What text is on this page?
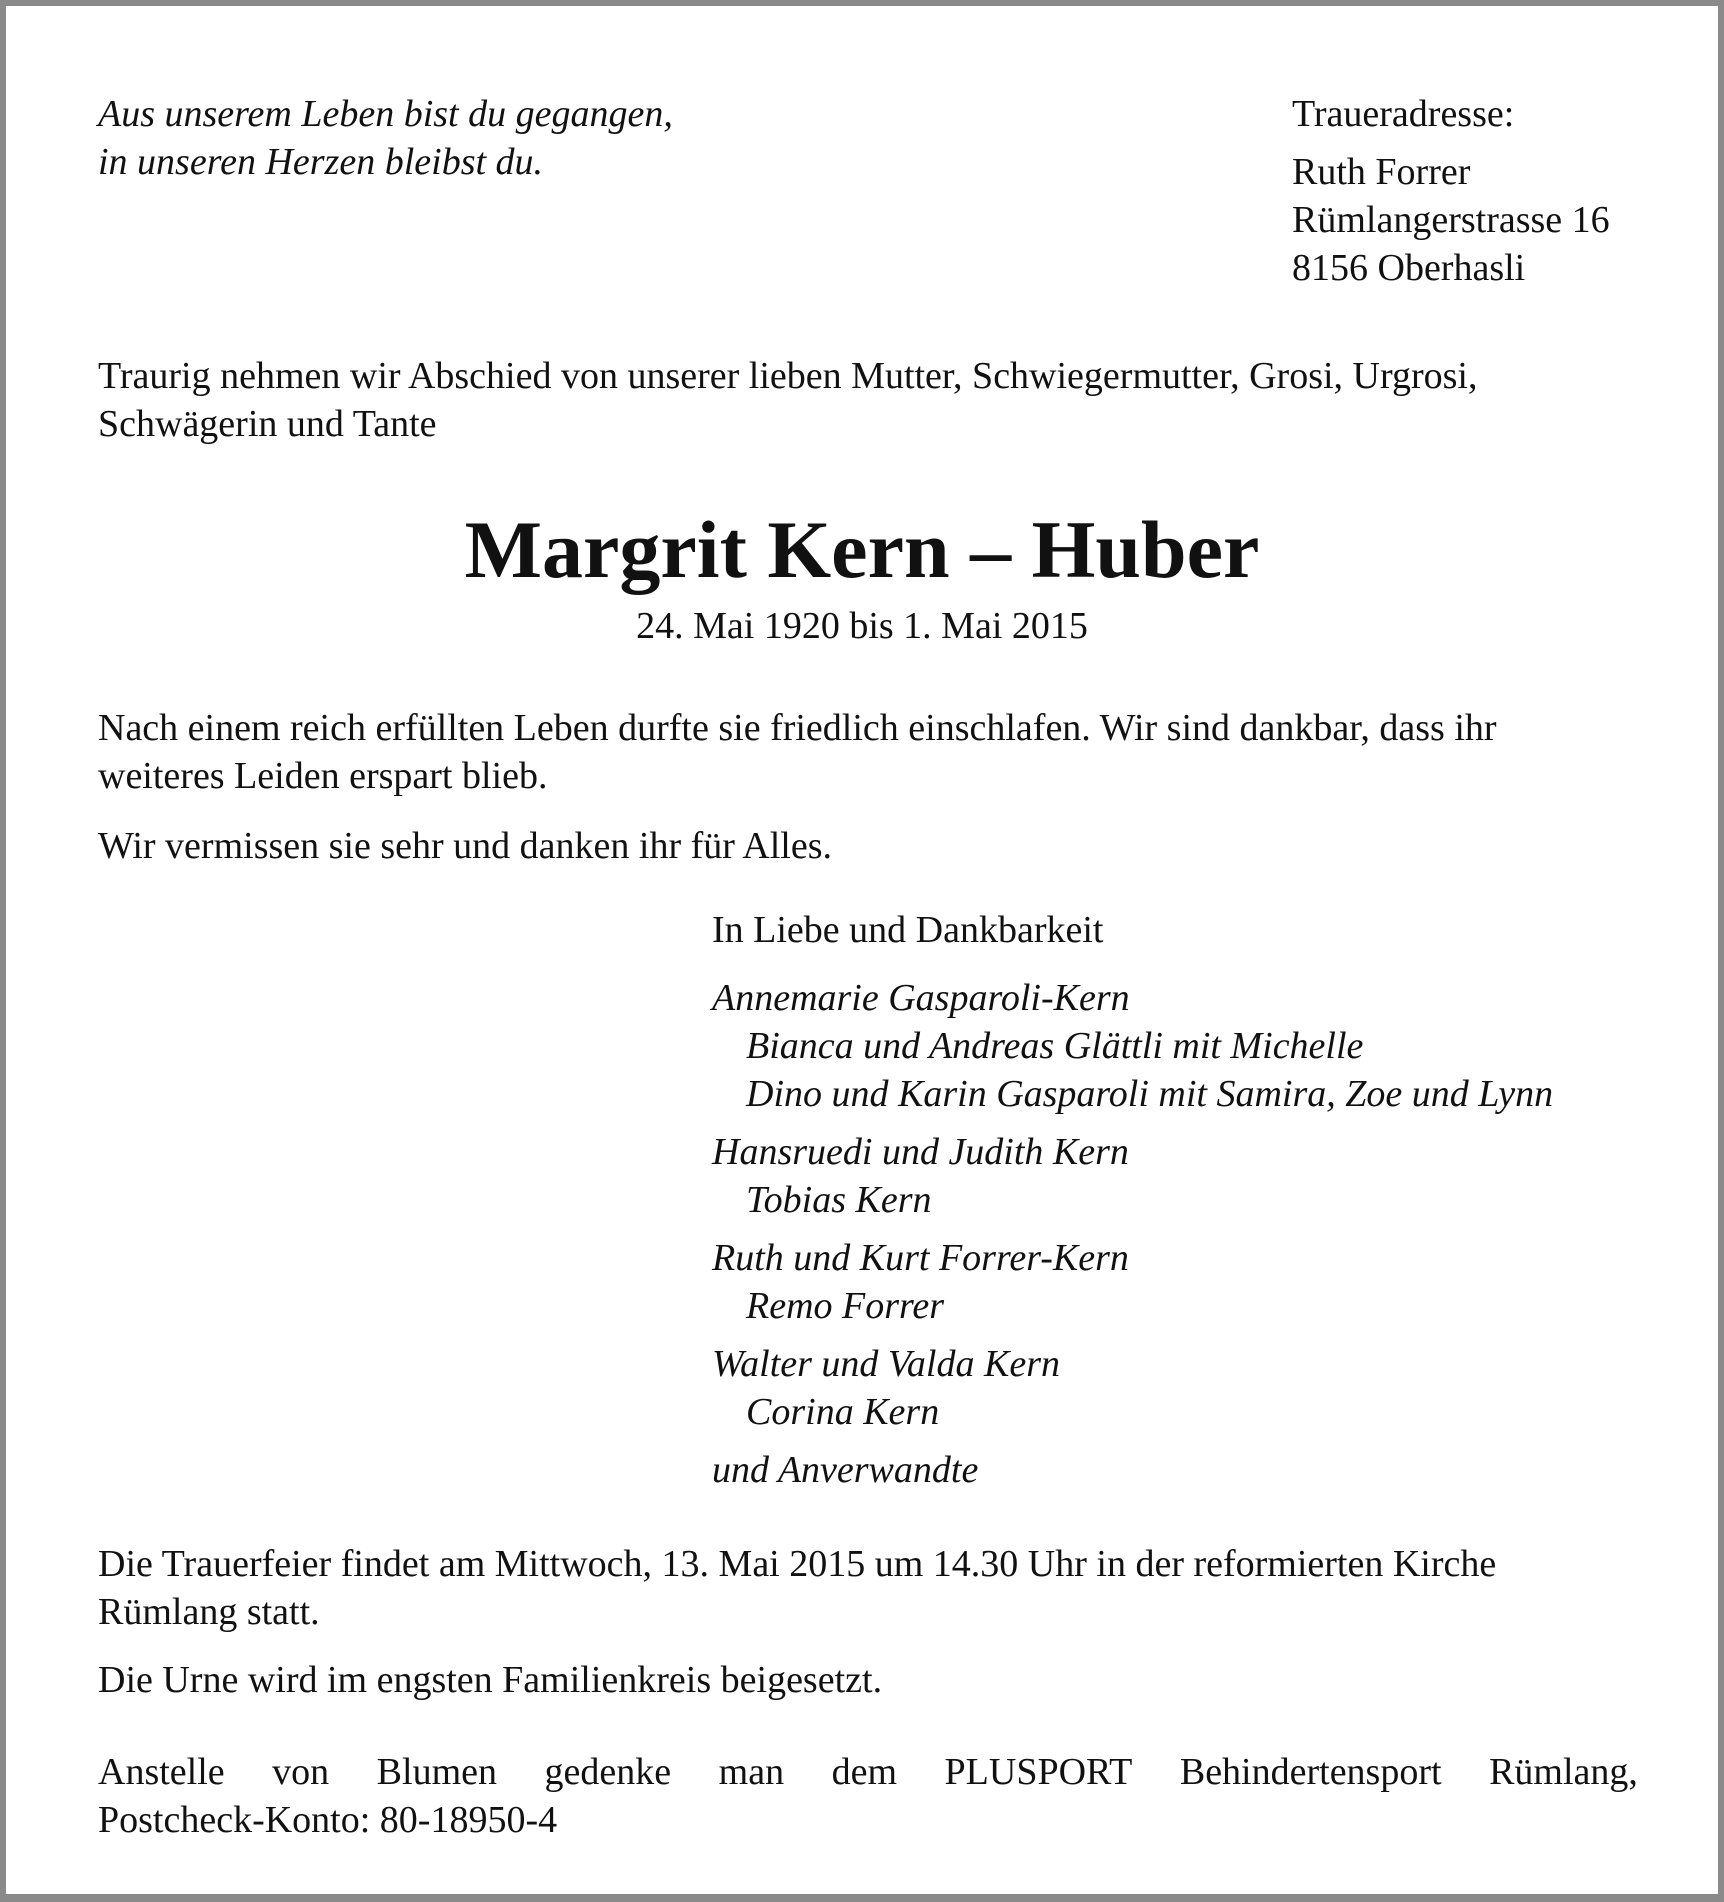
Aus unserem Leben bist du gegangen,
in unseren Herzen bleibst du.
Traueradresse:
Ruth Forrer
Rümlangerstrasse 16
8156 Oberhasli
Traurig nehmen wir Abschied von unserer lieben Mutter, Schwiegermutter, Grosi, Urgrosi,
Schwägerin und Tante
Margrit Kern – Huber
24. Mai 1920 bis 1. Mai 2015
Nach einem reich erfüllten Leben durfte sie friedlich einschlafen. Wir sind dankbar, dass ihr
weiteres Leiden erspart blieb.
Wir vermissen sie sehr und danken ihr für Alles.
In Liebe und Dankbarkeit
Annemarie Gasparoli-Kern
Bianca und Andreas Glättli mit Michelle
Dino und Karin Gasparoli mit Samira, Zoe und Lynn
Hansruedi und Judith Kern
Tobias Kern
Ruth und Kurt Forrer-Kern
Remo Forrer
Walter und Valda Kern
Corina Kern
und Anverwandte
Die Trauerfeier findet am Mittwoch, 13. Mai 2015 um 14.30 Uhr in der reformierten Kirche
Rümlang statt.
Die Urne wird im engsten Familienkreis beigesetzt.
Anstelle von Blumen gedenke man dem PLUSPORT Behindertensport Rümlang,
Postcheck-Konto: 80-18950-4
